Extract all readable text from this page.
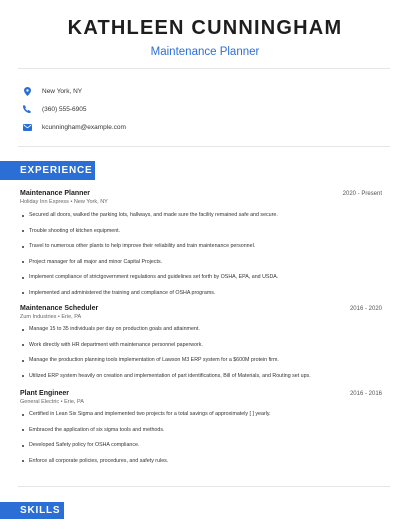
KATHLEEN CUNNINGHAM
Maintenance Planner
New York, NY
(360) 555-6905
kcunningham@example.com
EXPERIENCE
Maintenance Planner	2020 - Present
Holiday Inn Express • New York, NY
Secured all doors, walked the parking lots, hallways, and made sure the facility remained safe and secure.
Trouble shooting of kitchen equipment.
Travel to numerous other plants to help improve their reliability and train maintenance personnel.
Project manager for all major and minor Capital Projects.
Implement compliance of strictgovernment regulations and guidelines set forth by OSHA, EPA, and USDA.
Implemented and administered the training and compliance of OSHA programs.
Maintenance Scheduler	2016 - 2020
Zum Industries • Erie, PA
Manage 15 to 35 individuals per day on production goals and attainment.
Work directly with HR department with maintenance personnel paperwork.
Manage the production planning tools implementation of Lawson M3 ERP system for a $600M protein firm.
Utilized ERP system heavily on creation and implementation of part identifications, Bill of Materials, and Routing set ups.
Plant Engineer	2016 - 2016
General Electric • Erie, PA
Certified in Lean Six Sigma and implemented two projects for a total savings of approximately [ ] yearly.
Embraced the application of six sigma tools and methods.
Developed Safety policy for OSHA compliance.
Enforce all corporate policies, procedures, and safety rules.
SKILLS
